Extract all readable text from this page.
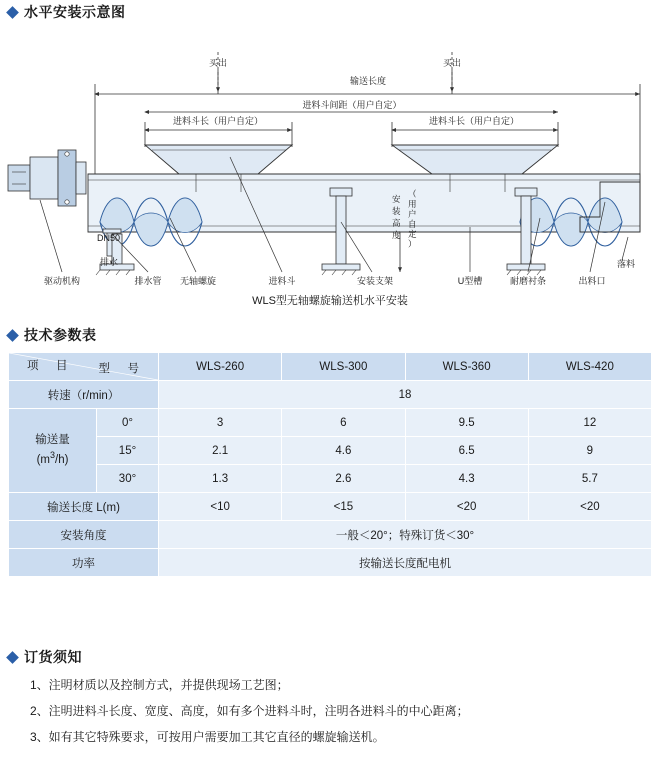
水平安装示意图
买出	买出
输送长度
进料斗间距（用户自定）
进料斗长（用户自定）	进料斗长（用户自定）
DN50
排水
驱动机构	排水管 无轴螺旋	进料斗	安装支架	U型槽	耐磨衬条	出料口
落料
（
用
户
自
定
）
安
装
高
度
WLS型无轴螺旋输送机水平安装
技术参数表
型　号
项　目		WLS-260	WLS-300	WLS-360	WLS-420
转速（r/min）		18			

输送量
$(m^3/h)$	0°	3	6	9.5	12
	15°	2.1	4.6	6.5	9
	30°	1.3	2.6	4.3	5.7
输送长度 L(m)		<10	<15	<20	<20
安装角度		一般＜20°；特殊订货＜30°			
功率		按输送长度配电机			
订货须知
1、注明材质以及控制方式，并提供现场工艺图；
2、注明进料斗长度、宽度、高度，如有多个进料斗时，注明各进料斗的中心距离；
3、如有其它特殊要求，可按用户需要加工其它直径的螺旋输送机。
